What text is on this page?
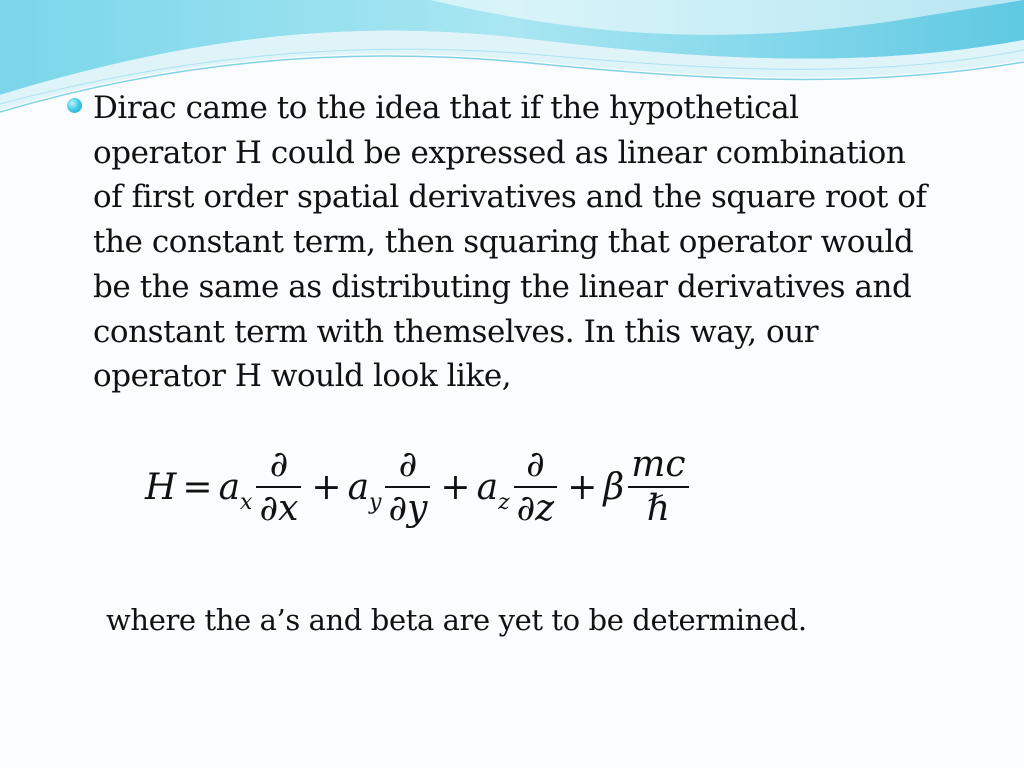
Dirac came to the idea that if the hypothetical
operator H could be expressed as linear combination
of first order spatial derivatives and the square root of
the constant term, then squaring that operator would
be the same as distributing the linear derivatives and
constant term with themselves. In this way, our
operator H would look like,
$H = a_x \frac{\partial}{\partial x} + a_y \frac{\partial}{\partial y} + a_z \frac{\partial}{\partial z} + \beta \frac{mc}{\text{ℏ}}$
where the a’s and beta are yet to be determined.
